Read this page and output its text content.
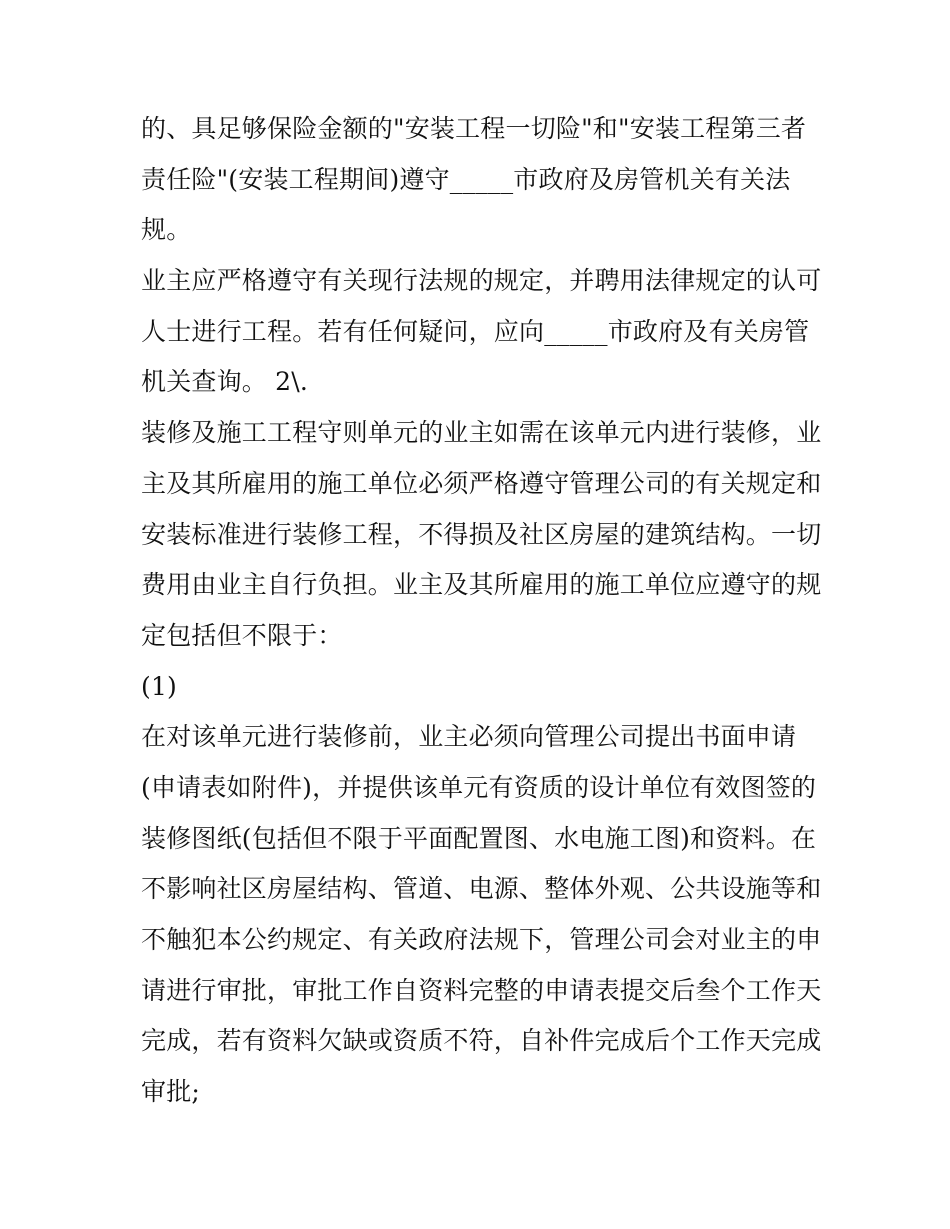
的、具足够保险金额的"安装工程一切险"和"安装工程第三者
责任险"(安装工程期间)遵守_____市政府及房管机关有关法
规。
业主应严格遵守有关现行法规的规定，并聘用法律规定的认可
人士进行工程。若有任何疑问，应向_____市政府及有关房管
机关查询。 2\.
装修及施工工程守则单元的业主如需在该单元内进行装修，业
主及其所雇用的施工单位必须严格遵守管理公司的有关规定和
安装标准进行装修工程，不得损及社区房屋的建筑结构。一切
费用由业主自行负担。业主及其所雇用的施工单位应遵守的规
定包括但不限于：
(1)
在对该单元进行装修前，业主必须向管理公司提出书面申请
(申请表如附件)，并提供该单元有资质的设计单位有效图签的
装修图纸(包括但不限于平面配置图、水电施工图)和资料。在
不影响社区房屋结构、管道、电源、整体外观、公共设施等和
不触犯本公约规定、有关政府法规下，管理公司会对业主的申
请进行审批，审批工作自资料完整的申请表提交后叁个工作天
完成，若有资料欠缺或资质不符，自补件完成后个工作天完成
审批;
